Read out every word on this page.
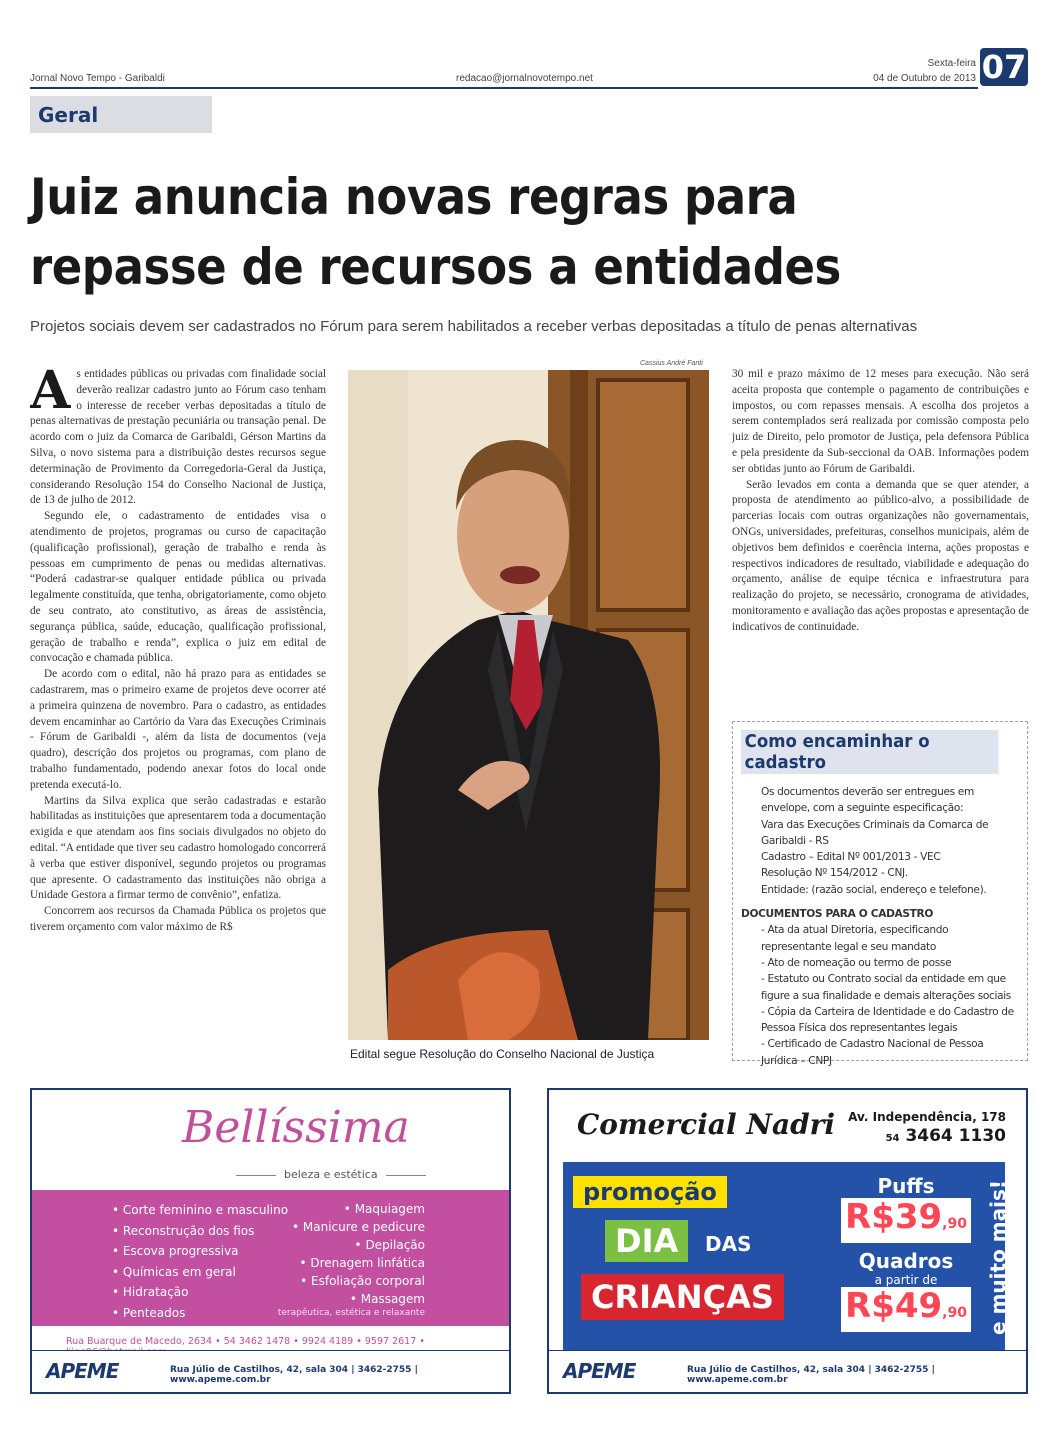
Jornal Novo Tempo - Garibaldi	redacao@jornalnovotempo.net
Sexta-feira
04 de Outubro de 2013 07
Geral
Juiz anuncia novas regras para repasse de recursos a entidades
Projetos sociais devem ser cadastrados no Fórum para serem habilitados a receber verbas depositadas a título de penas alternativas

As entidades públicas ou privadas com finalidade social deverão realizar cadastro junto ao Fórum caso tenham o interesse de receber verbas depositadas a título de penas alternativas de prestação pecuniária ou transação penal. De acordo com o juiz da Comarca de Garibaldi, Gérson Martins da Silva, o novo sistema para a distribuição destes recursos segue determinação de Provimento da Corregedoria-Geral da Justiça, considerando Resolução 154 do Conselho Nacional de Justiça, de 13 de julho de 2012.

Segundo ele, o cadastramento de entidades visa o atendimento de projetos, programas ou curso de capacitação (qualificação profissional), geração de trabalho e renda às pessoas em cumprimento de penas ou medidas alternativas. “Poderá cadastrar-se qualquer entidade pública ou privada legalmente constituída, que tenha, obrigatoriamente, como objeto de seu contrato, ato constitutivo, as áreas de assistência, segurança pública, saúde, educação, qualificação profissional, geração de trabalho e renda”, explica o juiz em edital de convocação e chamada pública.

De acordo com o edital, não há prazo para as entidades se cadastrarem, mas o primeiro exame de projetos deve ocorrer até a primeira quinzena de novembro. Para o cadastro, as entidades devem encaminhar ao Cartório da Vara das Execuções Criminais - Fórum de Garibaldi -, além da lista de documentos (veja quadro), descrição dos projetos ou programas, com plano de trabalho fundamentado, podendo anexar fotos do local onde pretenda executá-lo.

Martins da Silva explica que serão cadastradas e estarão habilitadas as instituições que apresentarem toda a documentação exigida e que atendam aos fins sociais divulgados no objeto do edital. “A entidade que tiver seu cadastro homologado concorrerá à verba que estiver disponível, segundo projetos ou programas que apresente. O cadastramento das instituições não obriga a Unidade Gestora a firmar termo de convênio”, enfatiza.

Concorrem aos recursos da Chamada Pública os projetos que tiverem orçamento com valor máximo de R$

Cassius André Fanti
Edital segue Resolução do Conselho Nacional de Justiça

30 mil e prazo máximo de 12 meses para execução. Não será aceita proposta que contemple o pagamento de contribuições e impostos, ou com repasses mensais. A escolha dos projetos a serem contemplados será realizada por comissão composta pelo juiz de Direito, pelo promotor de Justiça, pela defensora Pública e pela presidente da Sub-seccional da OAB. Informações podem ser obtidas junto ao Fórum de Garibaldi.

Serão levados em conta a demanda que se quer atender, a proposta de atendimento ao público-alvo, a possibilidade de parcerias locais com outras organizações não governamentais, ONGs, universidades, prefeituras, conselhos municipais, além de objetivos bem definidos e coerência interna, ações propostas e respectivos indicadores de resultado, viabilidade e adequação do orçamento, análise de equipe técnica e infraestrutura para realização do projeto, se necessário, cronograma de atividades, monitoramento e avaliação das ações propostas e apresentação de indicativos de continuidade.

Como encaminhar o cadastro
Os documentos deverão ser entregues em envelope, com a seguinte especificação:
Vara das Execuções Criminais da Comarca de Garibaldi - RS
Cadastro – Edital Nº 001/2013 - VEC
Resolução Nº 154/2012 - CNJ.
Entidade: (razão social, endereço e telefone).
DOCUMENTOS PARA O CADASTRO
- Ata da atual Diretoria, especificando representante legal e seu mandato
- Ato de nomeação ou termo de posse
- Estatuto ou Contrato social da entidade em que figure a sua finalidade e demais alterações sociais
- Cópia da Carteira de Identidade e do Cadastro de Pessoa Física dos representantes legais
- Certificado de Cadastro Nacional de Pessoa Jurídica – CNPJ
Bellíssima
beleza e estética
• Corte feminino e masculino
• Reconstrução dos fios
• Escova progressiva
• Químicas em geral
• Hidratação
• Penteados
• Maquiagem
• Manicure e pedicure
• Depilação
• Drenagem linfática
• Esfoliação corporal
• Massagem
terapêutica, estética e relaxante
Rua Buarque de Macedo, 2634 • 54 3462 1478 • 9924 4189 • 9597 2617 •
APEME	Rua Júlio de Castilhos, 42, sala 304 | 3462-2755 | www.apeme.com.br
Comercial Nadri Av. Independência, 178
54 3464 1130
promoção
DIA	DAS
CRIANÇAS
Puffs
R$39,90
Quadros
a partir de
R$49,90 e muito mais!
APEME	Rua Júlio de Castilhos, 42, sala 304 | 3462-2755 | www.apeme.com.br
